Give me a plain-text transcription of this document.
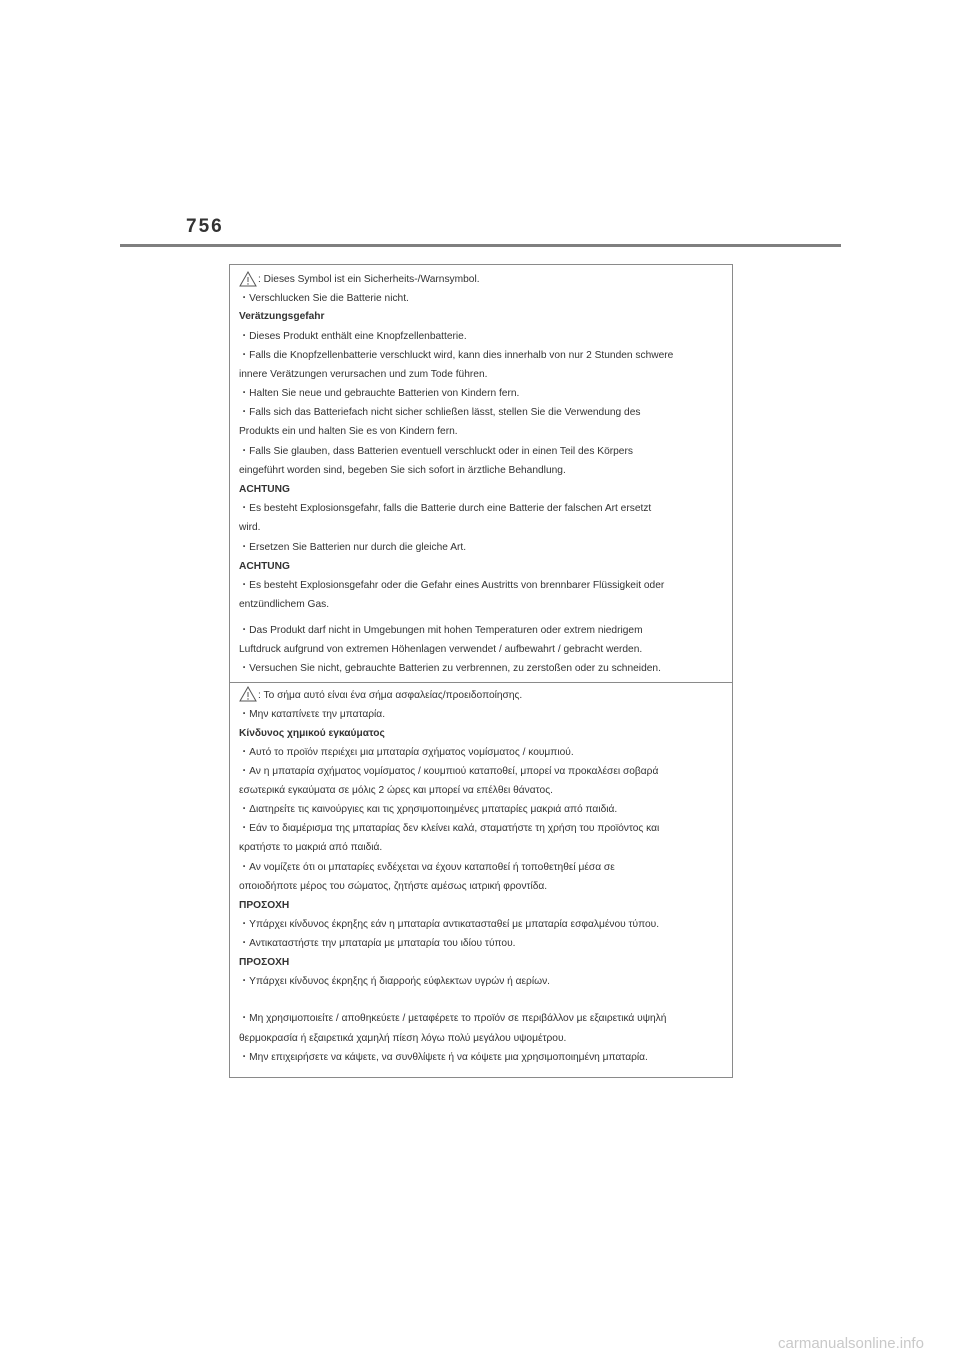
756
: Dieses Symbol ist ein Sicherheits-/Warnsymbol.
・Verschlucken Sie die Batterie nicht.
Verätzungsgefahr
・Dieses Produkt enthält eine Knopfzellenbatterie.
・Falls die Knopfzellenbatterie verschluckt wird, kann dies innerhalb von nur 2 Stunden schwere
innere Verätzungen verursachen und zum Tode führen.
・Halten Sie neue und gebrauchte Batterien von Kindern fern.
・Falls sich das Batteriefach nicht sicher schließen lässt, stellen Sie die Verwendung des
Produkts ein und halten Sie es von Kindern fern.
・Falls Sie glauben, dass Batterien eventuell verschluckt oder in einen Teil des Körpers
eingeführt worden sind, begeben Sie sich sofort in ärztliche Behandlung.
ACHTUNG
・Es besteht Explosionsgefahr, falls die Batterie durch eine Batterie der falschen Art ersetzt
wird.
・Ersetzen Sie Batterien nur durch die gleiche Art.
ACHTUNG
・Es besteht Explosionsgefahr oder die Gefahr eines Austritts von brennbarer Flüssigkeit oder
entzündlichem Gas.
・Das Produkt darf nicht in Umgebungen mit hohen Temperaturen oder extrem niedrigem
Luftdruck aufgrund von extremen Höhenlagen verwendet / aufbewahrt / gebracht werden.
・Versuchen Sie nicht, gebrauchte Batterien zu verbrennen, zu zerstoßen oder zu schneiden.
: Το σήμα αυτό είναι ένα σήμα ασφαλείας/προειδοποίησης.
・Μην καταπίνετε την μπαταρία.
Κίνδυνος χημικού εγκαύματος
・Αυτό το προϊόν περιέχει μια μπαταρία σχήματος νομίσματος / κουμπιού.
・Αν η μπαταρία σχήματος νομίσματος / κουμπιού καταποθεί, μπορεί να προκαλέσει σοβαρά
εσωτερικά εγκαύματα σε μόλις 2 ώρες και μπορεί να επέλθει θάνατος.
・Διατηρείτε τις καινούργιες και τις χρησιμοποιημένες μπαταρίες μακριά από παιδιά.
・Εάν το διαμέρισμα της μπαταρίας δεν κλείνει καλά, σταματήστε τη χρήση του προϊόντος και
κρατήστε το μακριά από παιδιά.
・Αν νομίζετε ότι οι μπαταρίες ενδέχεται να έχουν καταποθεί ή τοποθετηθεί μέσα σε
οποιοδήποτε μέρος του σώματος, ζητήστε αμέσως ιατρική φροντίδα.
ΠΡΟΣΟΧΗ
・Υπάρχει κίνδυνος έκρηξης εάν η μπαταρία αντικατασταθεί με μπαταρία εσφαλμένου τύπου.
・Αντικαταστήστε την μπαταρία με μπαταρία του ιδίου τύπου.
ΠΡΟΣΟΧΗ
・Υπάρχει κίνδυνος έκρηξης ή διαρροής εύφλεκτων υγρών ή αερίων.
・Μη χρησιμοποιείτε / αποθηκεύετε / μεταφέρετε το προϊόν σε περιβάλλον με εξαιρετικά υψηλή
θερμοκρασία ή εξαιρετικά χαμηλή πίεση λόγω πολύ μεγάλου υψομέτρου.
・Μην επιχειρήσετε να κάψετε, να συνθλίψετε ή να κόψετε μια χρησιμοποιημένη μπαταρία.
carmanualsonline.info
